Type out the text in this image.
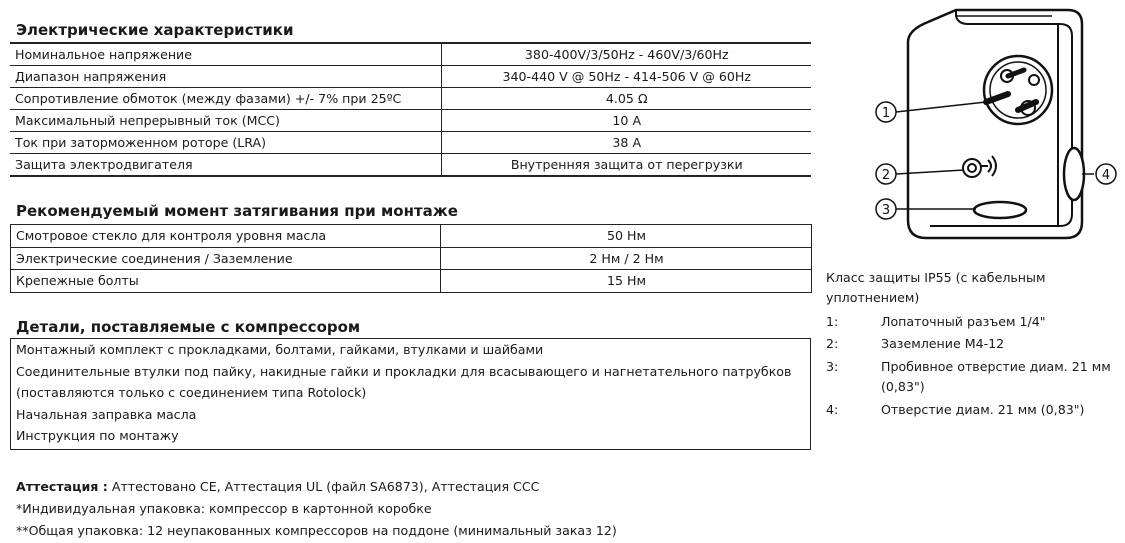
Электрические характеристики
Номинальное напряжение	380-400V/3/50Hz - 460V/3/60Hz
Диапазон напряжения	340-440 V @ 50Hz - 414-506 V @ 60Hz
Сопротивление обмоток (между фазами) +/- 7% при 25ºC	4.05 Ω
Максимальный непрерывный ток (MCC)	10 A
Ток при заторможенном роторе (LRA)	38 A
Защита электродвигателя	Внутренняя защита от перегрузки
Рекомендуемый момент затягивания при монтаже
Смотровое стекло для контроля уровня масла	50 Нм
Электрические соединения / Заземление	2 Нм / 2 Нм
Крепежные болты	15 Нм
Детали, поставляемые с компрессором
Монтажный комплект с прокладками, болтами, гайками, втулками и шайбами
Соединительные втулки под пайку, накидные гайки и прокладки для всасывающего и нагнетательного патрубков
(поставляются только с соединением типа Rotolock)
Начальная заправка масла
Инструкция по монтажу
Аттестация : Аттестовано CE, Аттестация UL (файл SA6873), Аттестация CCC
*Индивидуальная упаковка: компрессор в картонной коробке
**Общая упаковка: 12 неупакованных компрессоров на поддоне (минимальный заказ 12)
1
2
3
4
Класс защиты IP55 (с кабельным
уплотнением)
1:	Лопаточный разъем 1/4"
2:	Заземление M4-12
3:	Пробивное отверстие диам. 21 мм
(0,83")
4:	Отверстие диам. 21 мм (0,83")
